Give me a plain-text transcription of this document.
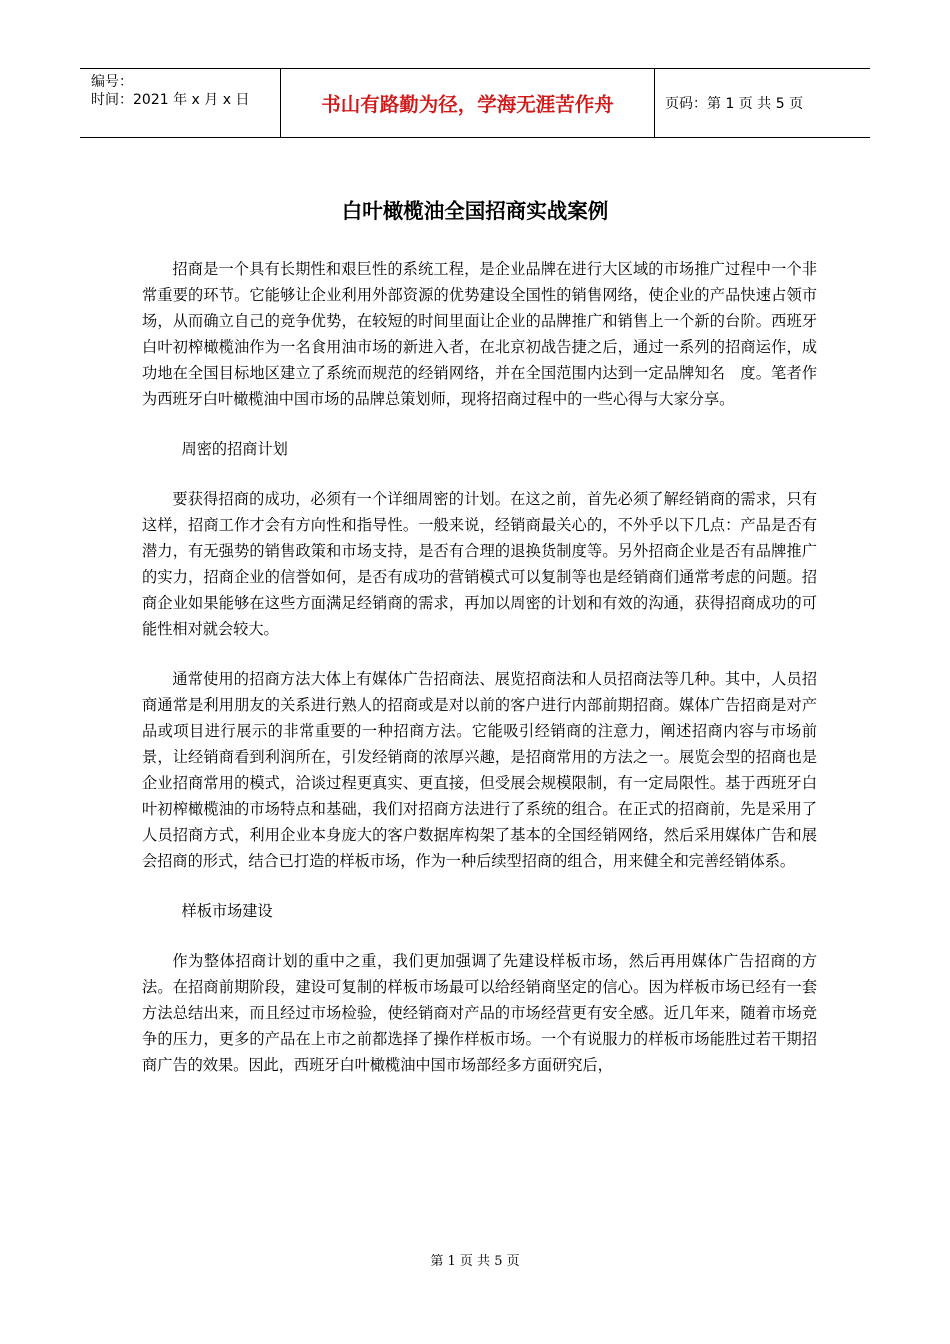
编号：
时间：2021 年 x 月 x 日	书山有路勤为径，学海无涯苦作舟	页码：第 1 页 共 5 页
白叶橄榄油全国招商实战案例

招商是一个具有长期性和艰巨性的系统工程，是企业品牌在进行大区域的市场推广过程中一个非常重要的环节。它能够让企业利用外部资源的优势建设全国性的销售网络，使企业的产品快速占领市场，从而确立自己的竞争优势，在较短的时间里面让企业的品牌推广和销售上一个新的台阶。西班牙白叶初榨橄榄油作为一名食用油市场的新进入者，在北京初战告捷之后，通过一系列的招商运作，成功地在全国目标地区建立了系统而规范的经销网络，并在全国范围内达到一定品牌知名　度。笔者作为西班牙白叶橄榄油中国市场的品牌总策划师，现将招商过程中的一些心得与大家分享。

周密的招商计划

要获得招商的成功，必须有一个详细周密的计划。在这之前，首先必须了解经销商的需求，只有这样，招商工作才会有方向性和指导性。一般来说，经销商最关心的，不外乎以下几点：产品是否有潜力，有无强势的销售政策和市场支持，是否有合理的退换货制度等。另外招商企业是否有品牌推广的实力，招商企业的信誉如何，是否有成功的营销模式可以复制等也是经销商们通常考虑的问题。招商企业如果能够在这些方面满足经销商的需求，再加以周密的计划和有效的沟通，获得招商成功的可能性相对就会较大。

通常使用的招商方法大体上有媒体广告招商法、展览招商法和人员招商法等几种。其中，人员招商通常是利用朋友的关系进行熟人的招商或是对以前的客户进行内部前期招商。媒体广告招商是对产品或项目进行展示的非常重要的一种招商方法。它能吸引经销商的注意力，阐述招商内容与市场前景，让经销商看到利润所在，引发经销商的浓厚兴趣，是招商常用的方法之一。展览会型的招商也是企业招商常用的模式，洽谈过程更真实、更直接，但受展会规模限制，有一定局限性。基于西班牙白叶初榨橄榄油的市场特点和基础，我们对招商方法进行了系统的组合。在正式的招商前，先是采用了人员招商方式，利用企业本身庞大的客户数据库构架了基本的全国经销网络，然后采用媒体广告和展会招商的形式，结合已打造的样板市场，作为一种后续型招商的组合，用来健全和完善经销体系。

样板市场建设

作为整体招商计划的重中之重，我们更加强调了先建设样板市场，然后再用媒体广告招商的方法。在招商前期阶段，建设可复制的样板市场最可以给经销商坚定的信心。因为样板市场已经有一套方法总结出来，而且经过市场检验，使经销商对产品的市场经营更有安全感。近几年来，随着市场竞争的压力，更多的产品在上市之前都选择了操作样板市场。一个有说服力的样板市场能胜过若干期招商广告的效果。因此，西班牙白叶橄榄油中国市场部经多方面研究后，

第 1 页 共 5 页
